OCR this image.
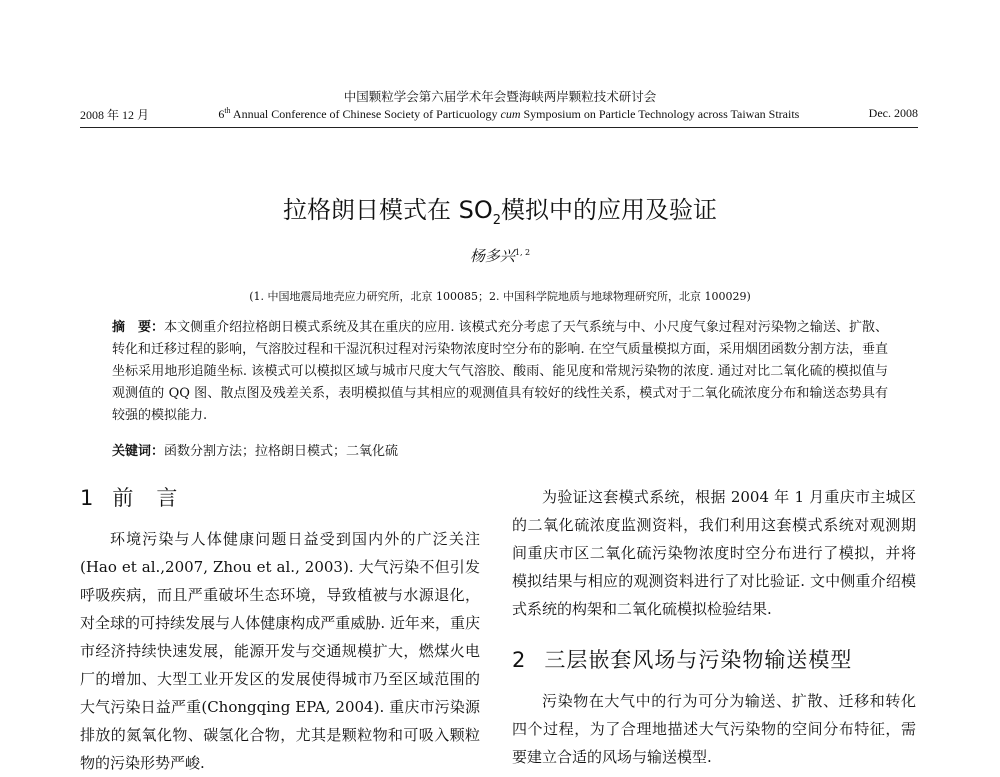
中国颗粒学会第六届学术年会暨海峡两岸颗粒技术研讨会
2008 年 12 月	6th Annual Conference of Chinese Society of Particuology cum Symposium on Particle Technology across Taiwan Straits	Dec. 2008
拉格朗日模式在 $SO_2$模拟中的应用及验证
杨多兴$^{1, 2}$
(1. 中国地震局地壳应力研究所，北京 100085；2. 中国科学院地质与地球物理研究所，北京 100029)
摘　要：本文侧重介绍拉格朗日模式系统及其在重庆的应用. 该模式充分考虑了天气系统与中、小尺度气象过程对污染物之输送、扩散、转化和迁移过程的影响，气溶胶过程和干湿沉积过程对污染物浓度时空分布的影响. 在空气质量模拟方面，采用烟团函数分割方法，垂直坐标采用地形追随坐标. 该模式可以模拟区域与城市尺度大气气溶胶、酸雨、能见度和常规污染物的浓度. 通过对比二氧化硫的模拟值与观测值的 QQ 图、散点图及残差关系，表明模拟值与其相应的观测值具有较好的线性关系，模式对于二氧化硫浓度分布和输送态势具有较强的模拟能力.
关键词：函数分割方法；拉格朗日模式；二氧化硫
1 前　言

环境污染与人体健康问题日益受到国内外的广泛关注(Hao et al.,2007, Zhou et al., 2003). 大气污染不但引发呼吸疾病，而且严重破坏生态环境，导致植被与水源退化，对全球的可持续发展与人体健康构成严重威胁. 近年来，重庆市经济持续快速发展，能源开发与交通规模扩大，燃煤火电厂的增加、大型工业开发区的发展使得城市乃至区域范围的大气污染日益严重(Chongqing EPA, 2004). 重庆市污染源排放的氮氧化物、碳氢化合物，尤其是颗粒物和可吸入颗粒物的污染形势严峻.

为验证这套模式系统，根据 2004 年 1 月重庆市主城区的二氧化硫浓度监测资料，我们利用这套模式系统对观测期间重庆市区二氧化硫污染物浓度时空分布进行了模拟，并将模拟结果与相应的观测资料进行了对比验证. 文中侧重介绍模式系统的构架和二氧化硫模拟检验结果.

2 三层嵌套风场与污染物输送模型

污染物在大气中的行为可分为输送、扩散、迁移和转化四个过程，为了合理地描述大气污染物的空间分布特征，需要建立合适的风场与输送模型.
